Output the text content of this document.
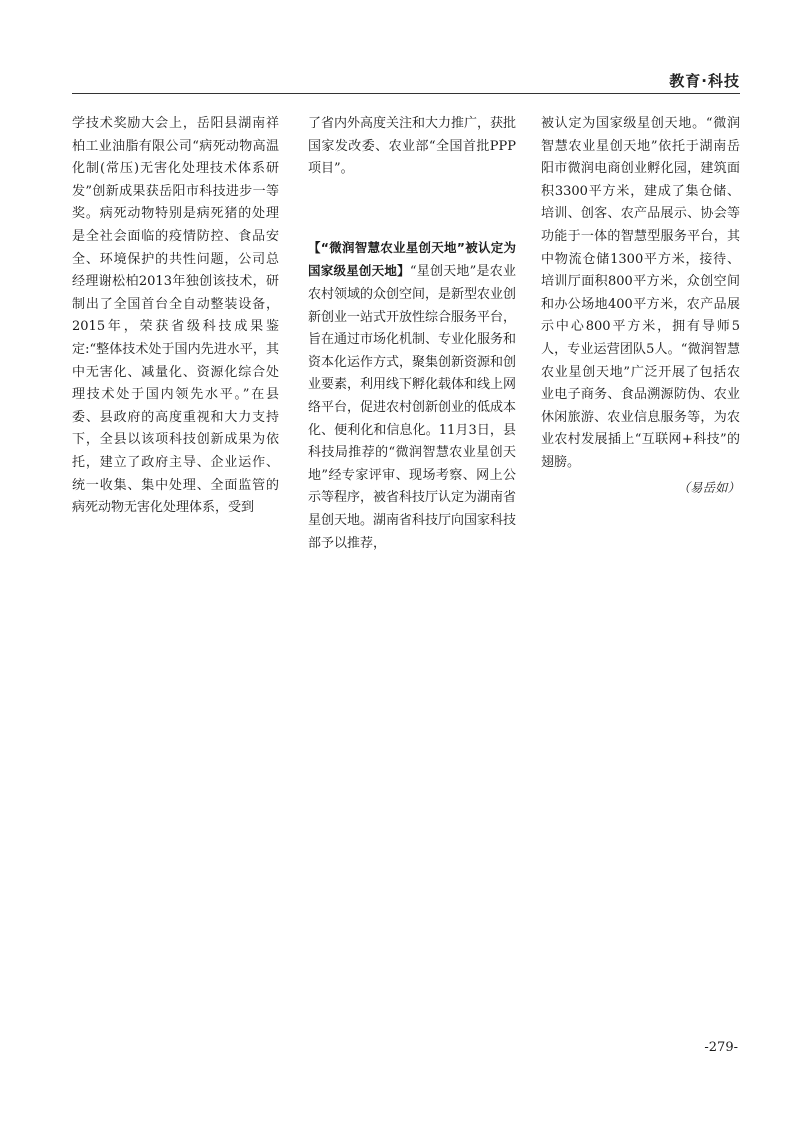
教育·科技

学技术奖励大会上，岳阳县湖南祥柏工业油脂有限公司“病死动物高温化制(常压)无害化处理技术体系研发”创新成果获岳阳市科技进步一等奖。病死动物特别是病死猪的处理是全社会面临的疫情防控、食品安全、环境保护的共性问题，公司总经理谢松柏2013年独创该技术，研制出了全国首台全自动整装设备，2015年，荣获省级科技成果鉴定:“整体技术处于国内先进水平，其中无害化、减量化、资源化综合处理技术处于国内领先水平。”在县委、县政府的高度重视和大力支持下，全县以该项科技创新成果为依托，建立了政府主导、企业运作、统一收集、集中处理、全面监管的病死动物无害化处理体系，受到

了省内外高度关注和大力推广，获批国家发改委、农业部“全国首批PPP项目”。

【“微润智慧农业星创天地”被认定为国家级星创天地】“星创天地”是农业农村领域的众创空间，是新型农业创新创业一站式开放性综合服务平台，旨在通过市场化机制、专业化服务和资本化运作方式，聚集创新资源和创业要素，利用线下孵化载体和线上网络平台，促进农村创新创业的低成本化、便利化和信息化。11月3日，县科技局推荐的“微润智慧农业星创天地”经专家评审、现场考察、网上公示等程序，被省科技厅认定为湖南省星创天地。湖南省科技厅向国家科技部予以推荐，

被认定为国家级星创天地。“微润智慧农业星创天地”依托于湖南岳阳市微润电商创业孵化园，建筑面积3300平方米，建成了集仓储、培训、创客、农产品展示、协会等功能于一体的智慧型服务平台，其中物流仓储1300平方米，接待、培训厅面积800平方米，众创空间和办公场地400平方米，农产品展示中心800平方米，拥有导师5人，专业运营团队5人。“微润智慧农业星创天地”广泛开展了包括农业电子商务、食品溯源防伪、农业休闲旅游、农业信息服务等，为农业农村发展插上“互联网+科技”的翅膀。

（易岳如）
-279-
